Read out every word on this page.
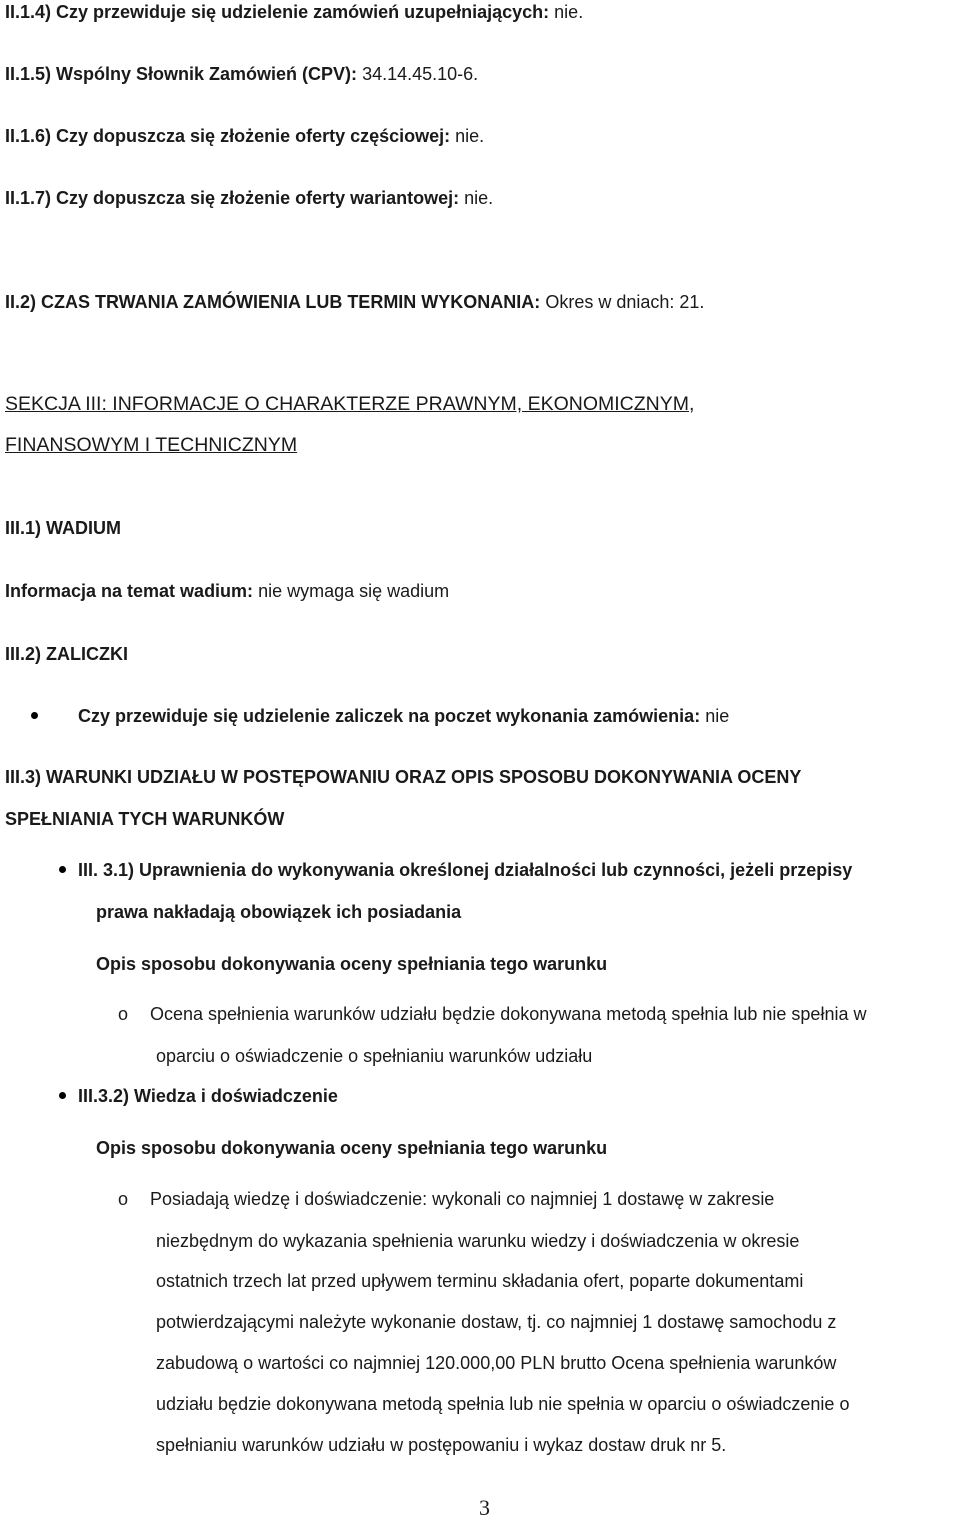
II.1.4) Czy przewiduje się udzielenie zamówień uzupełniających: nie.
II.1.5) Wspólny Słownik Zamówień (CPV): 34.14.45.10-6.
II.1.6) Czy dopuszcza się złożenie oferty częściowej: nie.
II.1.7) Czy dopuszcza się złożenie oferty wariantowej: nie.
II.2) CZAS TRWANIA ZAMÓWIENIA LUB TERMIN WYKONANIA: Okres w dniach: 21.
SEKCJA III: INFORMACJE O CHARAKTERZE PRAWNYM, EKONOMICZNYM,
FINANSOWYM I TECHNICZNYM
III.1) WADIUM
Informacja na temat wadium: nie wymaga się wadium
III.2) ZALICZKI
Czy przewiduje się udzielenie zaliczek na poczet wykonania zamówienia: nie
III.3) WARUNKI UDZIAŁU W POSTĘPOWANIU ORAZ OPIS SPOSOBU DOKONYWANIA OCENY
SPEŁNIANIA TYCH WARUNKÓW
III. 3.1) Uprawnienia do wykonywania określonej działalności lub czynności, jeżeli przepisy
prawa nakładają obowiązek ich posiadania
Opis sposobu dokonywania oceny spełniania tego warunku
o Ocena spełnienia warunków udziału będzie dokonywana metodą spełnia lub nie spełnia w
oparciu o oświadczenie o spełnianiu warunków udziału
III.3.2) Wiedza i doświadczenie
Opis sposobu dokonywania oceny spełniania tego warunku
o Posiadają wiedzę i doświadczenie: wykonali co najmniej 1 dostawę w zakresie
niezbędnym do wykazania spełnienia warunku wiedzy i doświadczenia w okresie
ostatnich trzech lat przed upływem terminu składania ofert, poparte dokumentami
potwierdzającymi należyte wykonanie dostaw, tj. co najmniej 1 dostawę samochodu z
zabudową o wartości co najmniej 120.000,00 PLN brutto Ocena spełnienia warunków
udziału będzie dokonywana metodą spełnia lub nie spełnia w oparciu o oświadczenie o
spełnianiu warunków udziału w postępowaniu i wykaz dostaw druk nr 5.
3
